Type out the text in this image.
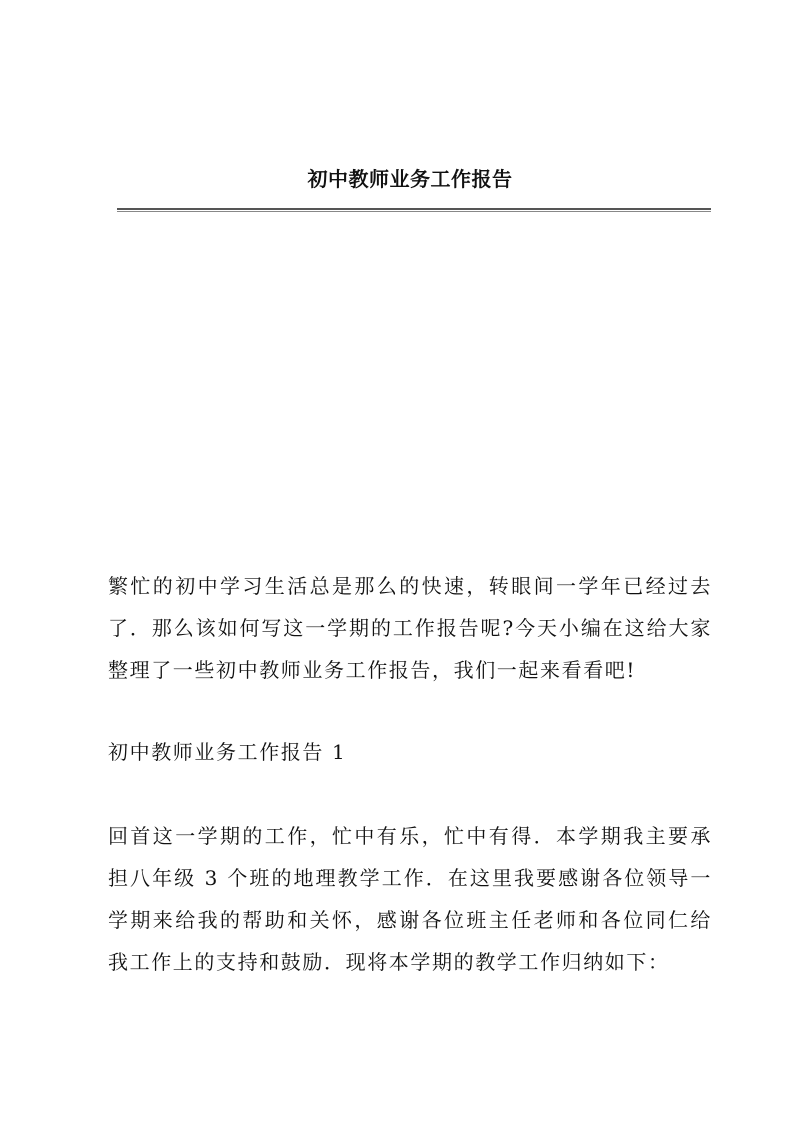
初中教师业务工作报告

繁忙的初中学习生活总是那么的快速，转眼间一学年已经过去了．那么该如何写这一学期的工作报告呢?今天小编在这给大家整理了一些初中教师业务工作报告，我们一起来看看吧!

初中教师业务工作报告 1

回首这一学期的工作，忙中有乐，忙中有得．本学期我主要承担八年级 3 个班的地理教学工作．在这里我要感谢各位领导一学期来给我的帮助和关怀，感谢各位班主任老师和各位同仁给我工作上的支持和鼓励．现将本学期的教学工作归纳如下：
